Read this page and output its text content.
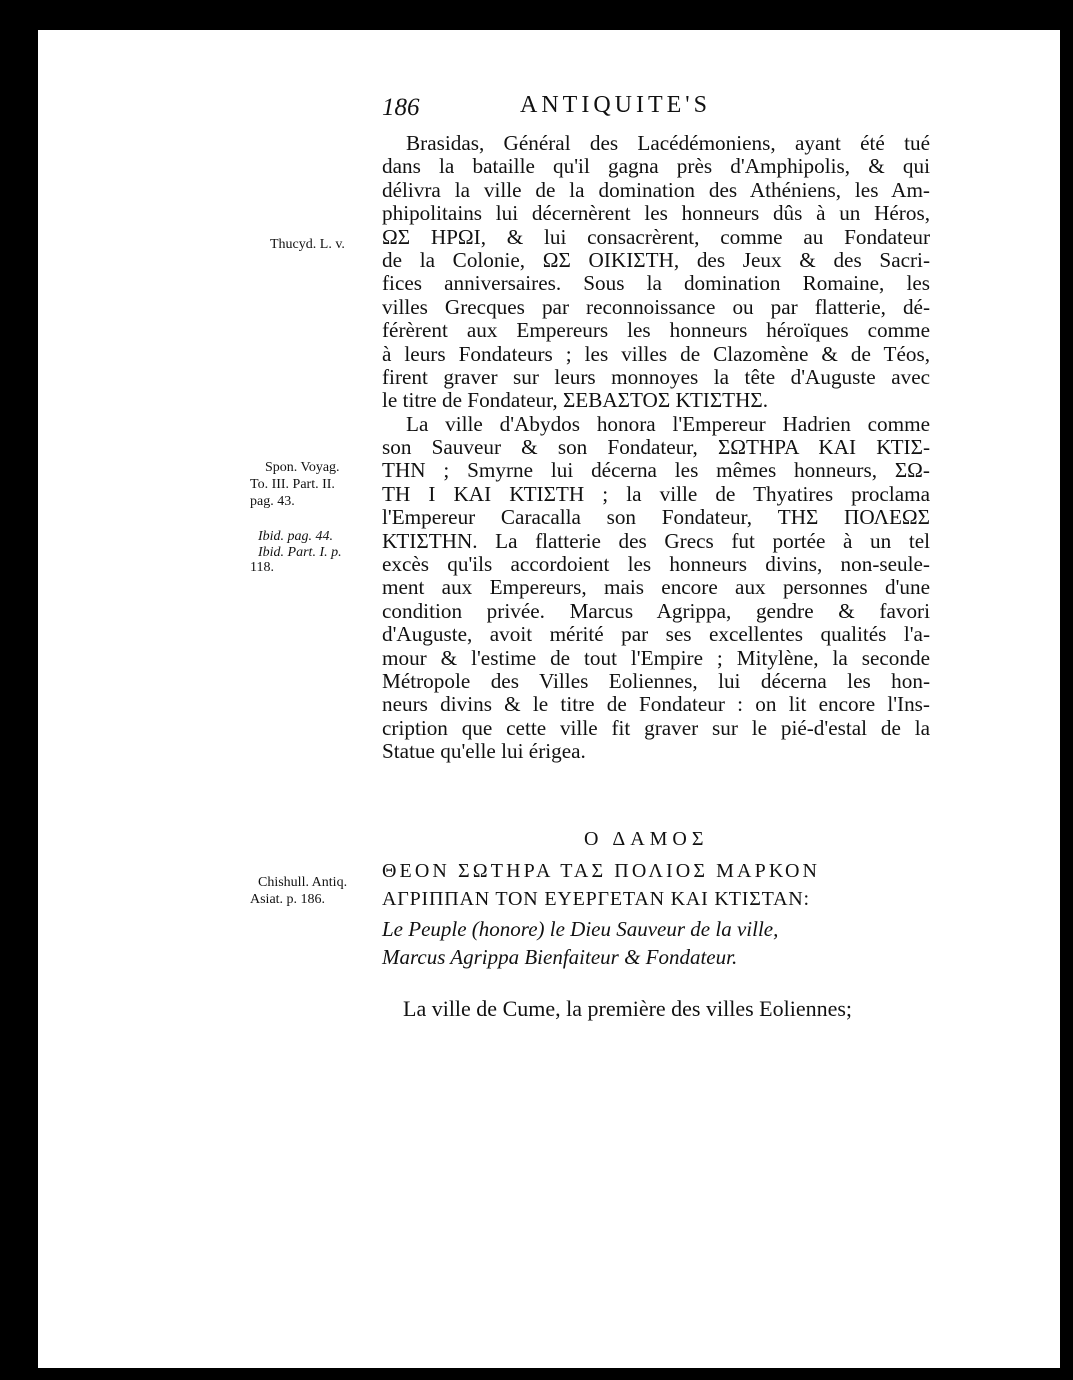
186	ANTIQUITE'S
Brasidas, Général des Lacédémoniens, ayant été tué
dans la bataille qu'il gagna près d'Amphipolis, & qui
délivra la ville de la domination des Athéniens, les Am-
phipolitains lui décernèrent les honneurs dûs à un Héros,
ΩΣ ΗΡΩΙ, & lui consacrèrent, comme au Fondateur
de la Colonie, ΩΣ ΟΙΚΙΣΤΗ, des Jeux & des Sacri-
fices anniversaires. Sous la domination Romaine, les
villes Grecques par reconnoissance ou par flatterie, dé-
férèrent aux Empereurs les honneurs héroïques comme
à leurs Fondateurs ; les villes de Clazomène & de Téos,
firent graver sur leurs monnoyes la tête d'Auguste avec
le titre de Fondateur, ΣΕΒΑΣΤΟΣ ΚΤΙΣΤΗΣ.
La ville d'Abydos honora l'Empereur Hadrien comme
son Sauveur & son Fondateur, ΣΩΤΗΡΑ ΚΑΙ ΚΤΙΣ-
ΤΗΝ ; Smyrne lui décerna les mêmes honneurs, ΣΩ-
ΤΗ Ι ΚΑΙ ΚΤΙΣΤΗ ; la ville de Thyatires proclama
l'Empereur Caracalla son Fondateur, ΤΗΣ ΠΟΛΕΩΣ
ΚΤΙΣΤΗΝ. La flatterie des Grecs fut portée à un tel
excès qu'ils accordoient les honneurs divins, non-seule-
ment aux Empereurs, mais encore aux personnes d'une
condition privée. Marcus Agrippa, gendre & favori
d'Auguste, avoit mérité par ses excellentes qualités l'a-
mour & l'estime de tout l'Empire ; Mitylène, la seconde
Métropole des Villes Eoliennes, lui décerna les hon-
neurs divins & le titre de Fondateur : on lit encore l'Ins-
cription que cette ville fit graver sur le pié-d'estal de la
Statue qu'elle lui érigea.
Thucyd. L. v.
Spon. Voyag.
To. III. Part. II.
pag. 43.
Ibid. pag. 44.
Ibid. Part. I. p.
118.
Chishull. Antiq.
Asiat. p. 186.
Ο ΔΑΜΟΣ
ΘΕΟΝ ΣΩΤΗΡΑ ΤΑΣ ΠΟΛΙΟΣ ΜΑΡΚΟΝ
ΑΓΡΙΠΠΑΝ ΤΟΝ ΕΥΕΡΓΕΤΑΝ ΚΑΙ ΚΤΙΣΤΑΝ:
Le Peuple (honore) le Dieu Sauveur de la ville,
Marcus Agrippa Bienfaiteur & Fondateur.
La ville de Cume, la première des villes Eoliennes;
